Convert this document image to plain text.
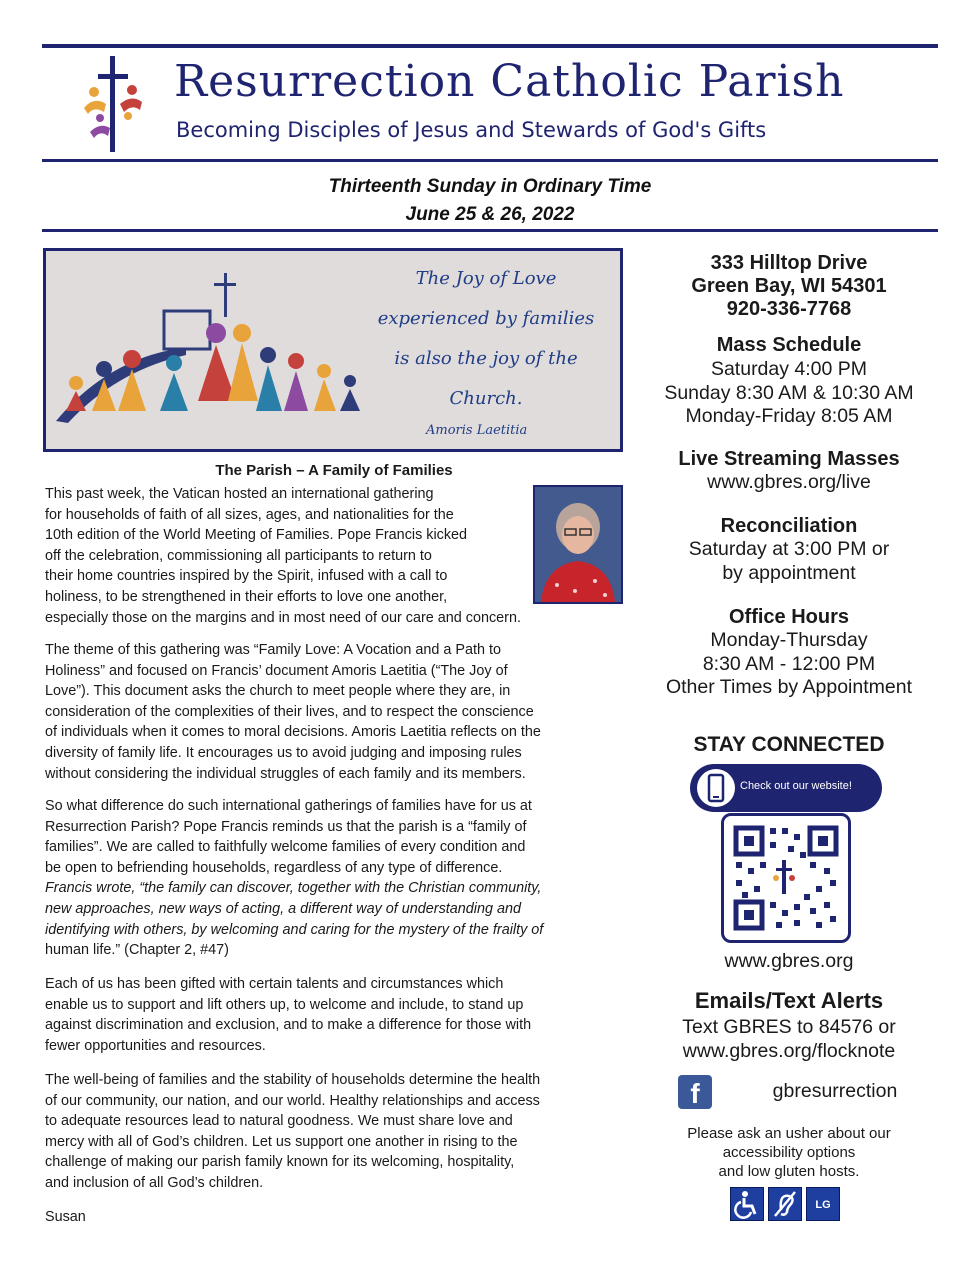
Resurrection Catholic Parish
Becoming Disciples of Jesus and Stewards of God's Gifts
Thirteenth Sunday in Ordinary Time
June 25 & 26, 2022
The Joy of Love
experienced by families
is also the joy of the
Church.
Amoris Laetitia
The Parish – A Family of Families
This past week, the Vatican hosted an international gathering
for households of faith of all sizes, ages, and nationalities for the
10th edition of the World Meeting of Families. Pope Francis kicked
off the celebration, commissioning all participants to return to
their home countries inspired by the Spirit, infused with a call to
holiness, to be strengthened in their efforts to love one another,
especially those on the margins and in most need of our care and concern.
The theme of this gathering was “Family Love: A Vocation and a Path to
Holiness” and focused on Francis’ document Amoris Laetitia (“The Joy of
Love”). This document asks the church to meet people where they are, in
consideration of the complexities of their lives, and to respect the conscience
of individuals when it comes to moral decisions. Amoris Laetitia reflects on the
diversity of family life. It encourages us to avoid judging and imposing rules
without considering the individual struggles of each family and its members.
So what difference do such international gatherings of families have for us at
Resurrection Parish? Pope Francis reminds us that the parish is a “family of
families”. We are called to faithfully welcome families of every condition and
be open to befriending households, regardless of any type of difference.
Francis wrote, “the family can discover, together with the Christian community,
new approaches, new ways of acting, a different way of understanding and
identifying with others, by welcoming and caring for the mystery of the frailty of
human life.” (Chapter 2, #47)
Each of us has been gifted with certain talents and circumstances which
enable us to support and lift others up, to welcome and include, to stand up
against discrimination and exclusion, and to make a difference for those with
fewer opportunities and resources.
The well-being of families and the stability of households determine the health
of our community, our nation, and our world. Healthy relationships and access
to adequate resources lead to natural goodness. We must share love and
mercy with all of God’s children. Let us support one another in rising to the
challenge of making our parish family known for its welcoming, hospitality,
and inclusion of all God’s children.
Susan
333 Hilltop Drive
Green Bay, WI 54301
920-336-7768
Mass Schedule
Saturday 4:00 PM
Sunday 8:30 AM & 10:30 AM
Monday-Friday 8:05 AM
Live Streaming Masses
www.gbres.org/live
Reconciliation
Saturday at 3:00 PM or
by appointment
Office Hours
Monday-Thursday
8:30 AM - 12:00 PM
Other Times by Appointment
STAY CONNECTED
Check out our website!
www.gbres.org
Emails/Text Alerts
Text GBRES to 84576 or
www.gbres.org/flocknote
f	gbresurrection
Please ask an usher about our
accessibility options
and low gluten hosts.
LG
